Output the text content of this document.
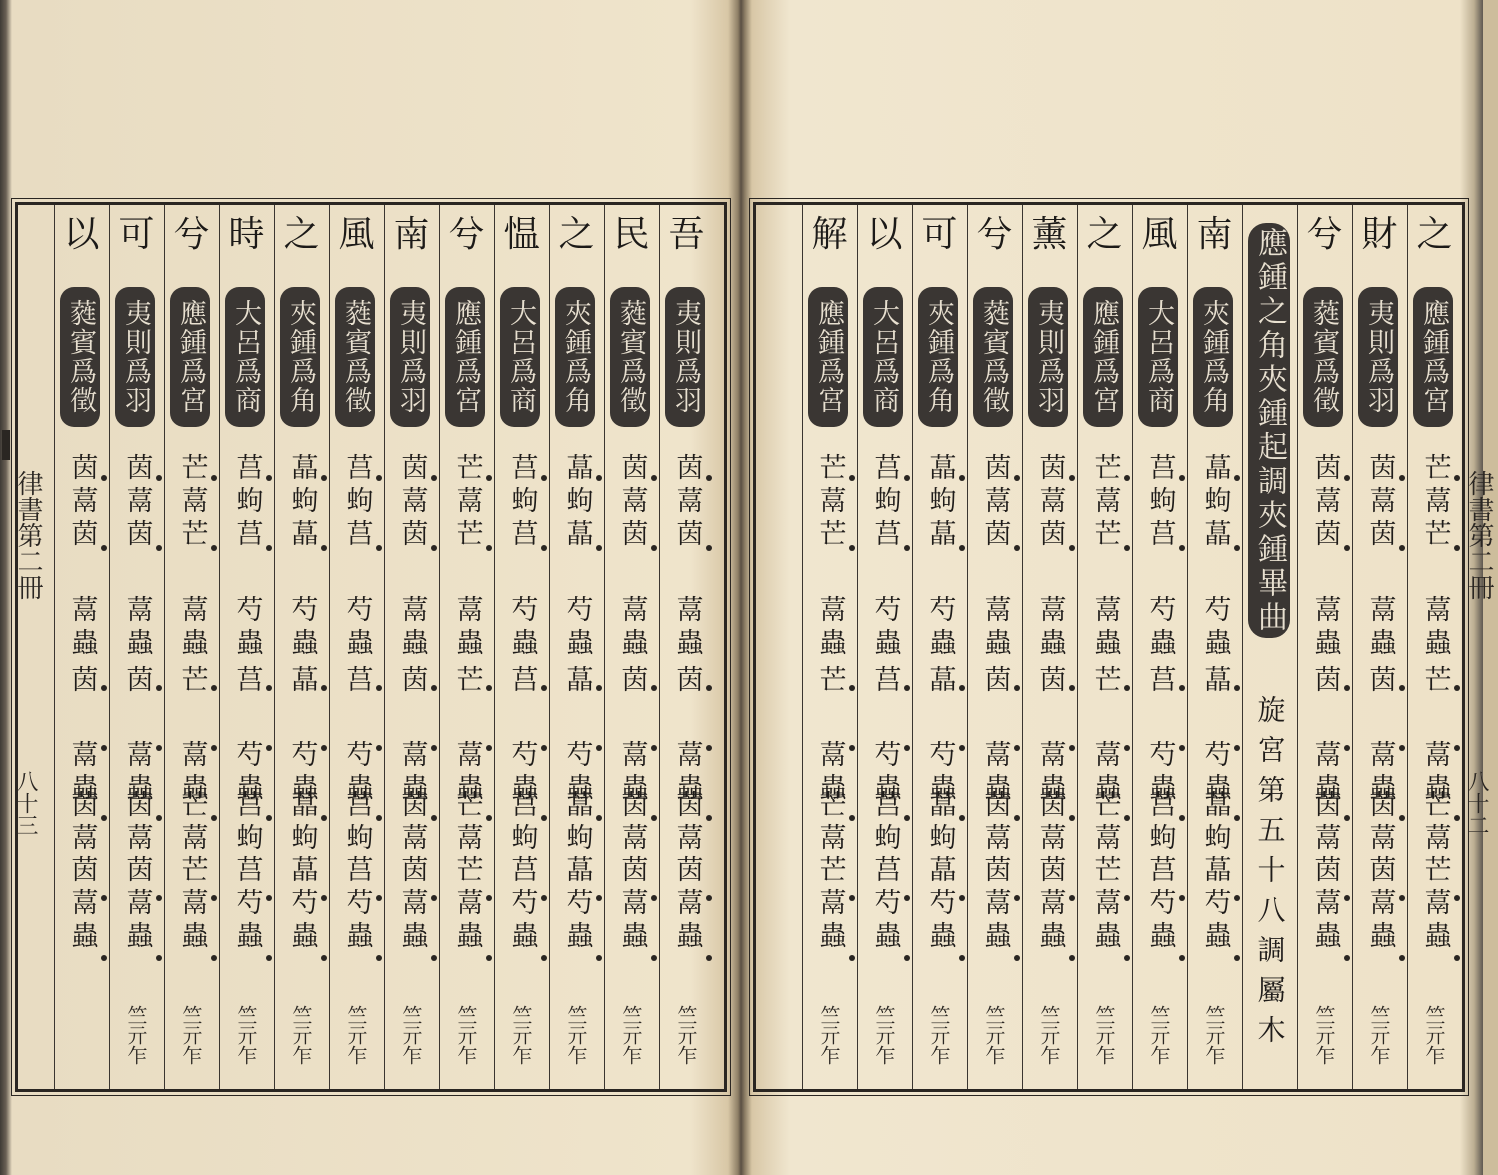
律書第二冊
八十三
吾
夷則爲羽
茵蒚茵
蒚蟲
茵
蒚蟲
茵蒚
茵蒚蟲
竺亓乍
民
蕤賓爲徵
茵蒚茵
蒚蟲
茵
蒚蟲
茵蒚
茵蒚蟲
竺亓乍
之
夾鍾爲角
蕌蚼蕌
芍蟲
蕌
芍蟲
蕌蚼
蕌芍蟲
竺亓乍
愠
大呂爲商
莒蚼莒
芍蟲
莒
芍蟲
莒蚼
莒芍蟲
竺亓乍
兮
應鍾爲宮
芒蒚芒
蒚蟲
芒
蒚蟲
芒蒚
芒蒚蟲
竺亓乍
南
夷則爲羽
茵蒚茵
蒚蟲
茵
蒚蟲
茵蒚
茵蒚蟲
竺亓乍
風
蕤賓爲徵
莒蚼莒
芍蟲
莒
芍蟲
莒蚼
莒芍蟲
竺亓乍
之
夾鍾爲角
蕌蚼蕌
芍蟲
蕌
芍蟲
蕌蚼
蕌芍蟲
竺亓乍
時
大呂爲商
莒蚼莒
芍蟲
莒
芍蟲
莒蚼
莒芍蟲
竺亓乍
兮
應鍾爲宮
芒蒚芒
蒚蟲
芒
蒚蟲
芒蒚
芒蒚蟲
竺亓乍
可
夷則爲羽
茵蒚茵
蒚蟲
茵
蒚蟲
茵蒚
茵蒚蟲
竺亓乍
以
蕤賓爲徵
茵蒚茵
蒚蟲
茵
蒚蟲
茵蒚
茵蒚蟲
之
應鍾爲宮
芒蒚芒
蒚蟲
芒
蒚蟲
芒蒚
芒蒚蟲
竺亓乍
財
夷則爲羽
茵蒚茵
蒚蟲
茵
蒚蟲
茵蒚
茵蒚蟲
竺亓乍
兮
蕤賓爲徵
茵蒚茵
蒚蟲
茵
蒚蟲
茵蒚
茵蒚蟲
竺亓乍
應鍾之角夾鍾起調夾鍾畢曲
旋宮第五十八調屬木
南
夾鍾爲角
蕌蚼蕌
芍蟲
蕌
芍蟲
蕌蚼
蕌芍蟲
竺亓乍
風
大呂爲商
莒蚼莒
芍蟲
莒
芍蟲
莒蚼
莒芍蟲
竺亓乍
之
應鍾爲宮
芒蒚芒
蒚蟲
芒
蒚蟲
芒蒚
芒蒚蟲
竺亓乍
薰
夷則爲羽
茵蒚茵
蒚蟲
茵
蒚蟲
茵蒚
茵蒚蟲
竺亓乍
兮
蕤賓爲徵
茵蒚茵
蒚蟲
茵
蒚蟲
茵蒚
茵蒚蟲
竺亓乍
可
夾鍾爲角
蕌蚼蕌
芍蟲
蕌
芍蟲
蕌蚼
蕌芍蟲
竺亓乍
以
大呂爲商
莒蚼莒
芍蟲
莒
芍蟲
莒蚼
莒芍蟲
竺亓乍
解
應鍾爲宮
芒蒚芒
蒚蟲
芒
蒚蟲
芒蒚
芒蒚蟲
竺亓乍
律書第二冊
八十二
